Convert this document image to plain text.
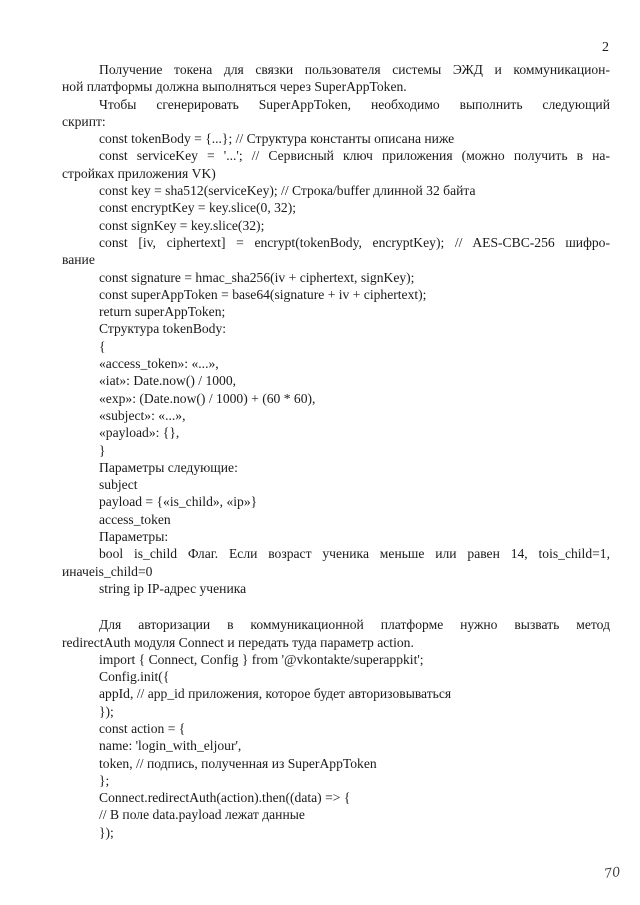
2
Получение токена для связки пользователя системы ЭЖД и коммуникацион-
ной платформы должна выполняться через SuperAppToken.
Чтобы сгенерировать SuperAppToken, необходимо выполнить следующий
скрипт:
const tokenBody = {...}; // Структура константы описана ниже
const serviceKey = '...'; // Сервисный ключ приложения (можно получить в на-
стройках приложения VK)
const key = sha512(serviceKey); // Строка/buffer длинной 32 байта
const encryptKey = key.slice(0, 32);
const signKey = key.slice(32);
const [iv, ciphertext] = encrypt(tokenBody, encryptKey); // AES-CBC-256 шифро-
вание
const signature = hmac_sha256(iv + ciphertext, signKey);
const superAppToken = base64(signature + iv + ciphertext);
return superAppToken;
Структура tokenBody:
{
«access_token»: «...»,
«iat»: Date.now() / 1000,
«exp»: (Date.now() / 1000) + (60 * 60),
«subject»: «...»,
«payload»: {},
}
Параметры следующие:
subject
payload = {«is_child», «ip»}
access_token
Параметры:
bool is_child Флаг. Если возраст ученика меньше или равен 14, tois_child=1,
иначеis_child=0
string ip IP-адрес ученика
Для авторизации в коммуникационной платформе нужно вызвать метод
redirectAuth модуля Connect и передать туда параметр action.
import { Connect, Config } from '@vkontakte/superappkit';
Config.init({
appId, // app_id приложения, которое будет авторизовываться
});
const action = {
name: 'login_with_eljour',
token, // подпись, полученная из SuperAppToken
};
Connect.redirectAuth(action).then((data) => {
// В поле data.payload лежат данные
});
70
